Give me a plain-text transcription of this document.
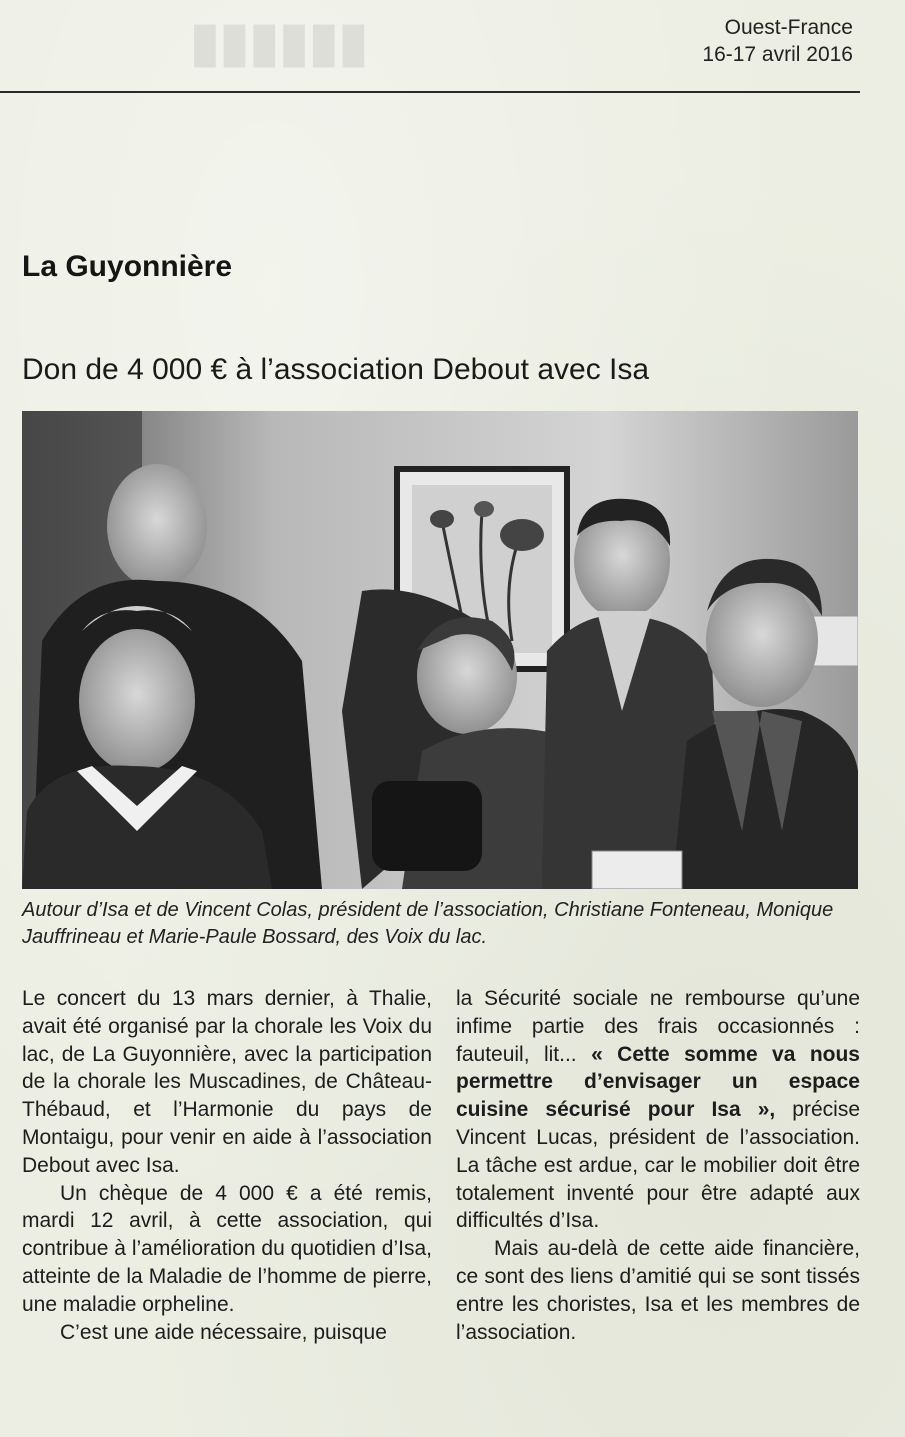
▮▮▮▮▮▮	Ouest-France
16-17 avril 2016
La Guyonnière
Don de 4 000 € à l’association Debout avec Isa
Autour d’Isa et de Vincent Colas, président de l’association, Christiane Fonteneau, Monique Jauffrineau et Marie-Paule Bossard, des Voix du lac.

Le concert du 13 mars dernier, à Thalie, avait été organisé par la chorale les Voix du lac, de La Guyonnière, avec la participation de la chorale les Muscadines, de Château-Thébaud, et l’Harmonie du pays de Montaigu, pour venir en aide à l’association Debout avec Isa.

Un chèque de 4 000 € a été remis, mardi 12 avril, à cette association, qui contribue à l’amélioration du quotidien d’Isa, atteinte de la Maladie de l’homme de pierre, une maladie orpheline.

C’est une aide nécessaire, puisque

la Sécurité sociale ne rembourse qu’une infime partie des frais occasionnés : fauteuil, lit... « Cette somme va nous permettre d’envisager un espace cuisine sécurisé pour Isa », précise Vincent Lucas, président de l’association. La tâche est ardue, car le mobilier doit être totalement inventé pour être adapté aux difficultés d’Isa.

Mais au-delà de cette aide financière, ce sont des liens d’amitié qui se sont tissés entre les choristes, Isa et les membres de l’association.
